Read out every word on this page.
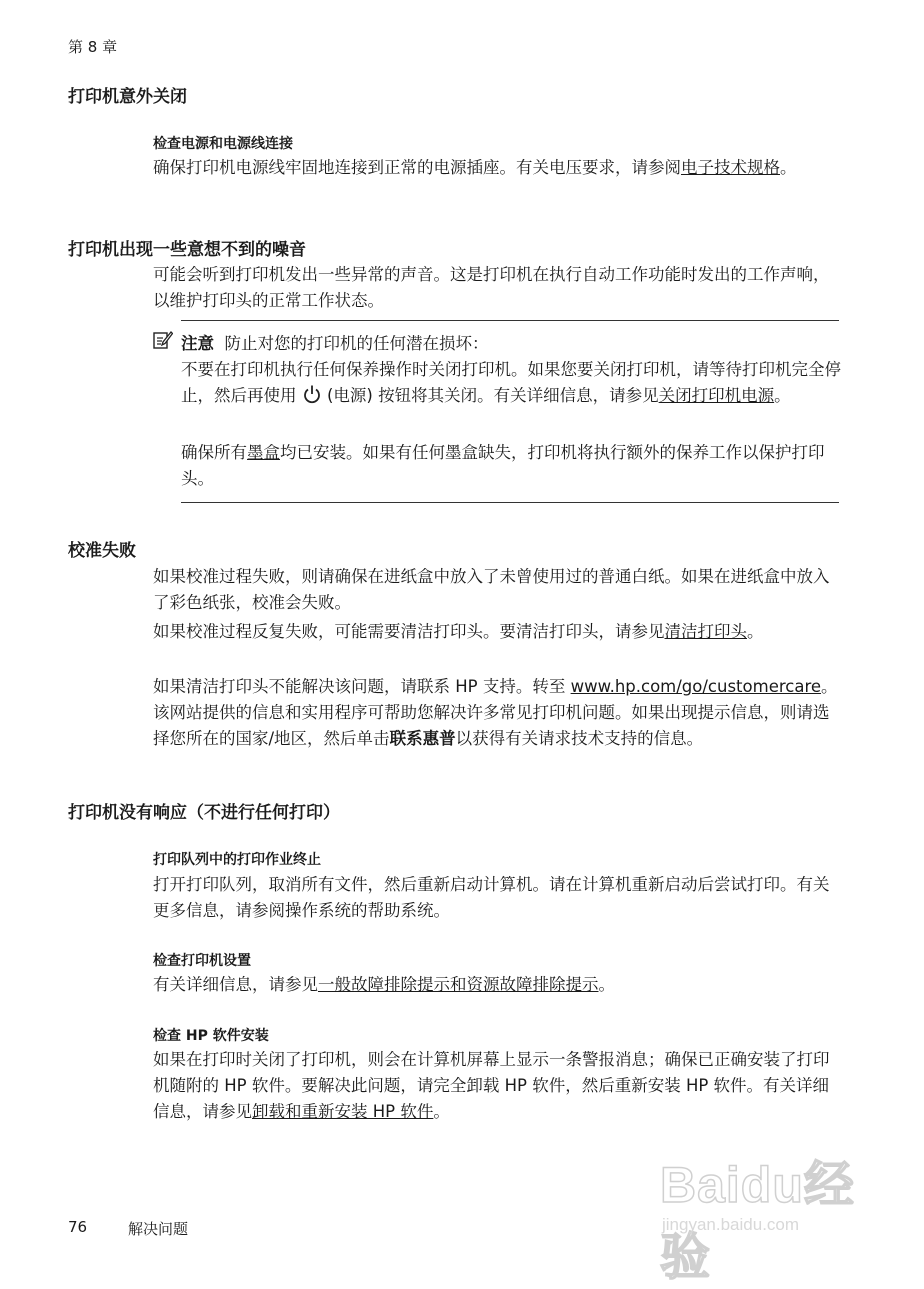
第 8 章
打印机意外关闭
检查电源和电源线连接

确保打印机电源线牢固地连接到正常的电源插座。有关电压要求，请参阅电子技术规格。

打印机出现一些意想不到的噪音

可能会听到打印机发出一些异常的声音。这是打印机在执行自动工作功能时发出的工作声响，以维护打印头的正常工作状态。

注意 防止对您的打印机的任何潜在损坏：

不要在打印机执行任何保养操作时关闭打印机。如果您要关闭打印机，请等待打印机完全停止，然后再使用 (电源) 按钮将其关闭。有关详细信息，请参见关闭打印机电源。

确保所有墨盒均已安装。如果有任何墨盒缺失，打印机将执行额外的保养工作以保护打印头。

校准失败

如果校准过程失败，则请确保在进纸盒中放入了未曾使用过的普通白纸。如果在进纸盒中放入了彩色纸张，校准会失败。

如果校准过程反复失败，可能需要清洁打印头。要清洁打印头，请参见清洁打印头。

如果清洁打印头不能解决该问题，请联系 HP 支持。转至 www.hp.com/go/customercare。该网站提供的信息和实用程序可帮助您解决许多常见打印机问题。如果出现提示信息，则请选择您所在的国家/地区，然后单击联系惠普以获得有关请求技术支持的信息。

打印机没有响应（不进行任何打印）
打印队列中的打印作业终止

打开打印队列，取消所有文件，然后重新启动计算机。请在计算机重新启动后尝试打印。有关更多信息，请参阅操作系统的帮助系统。

检查打印机设置

有关详细信息，请参见一般故障排除提示和资源故障排除提示。

检查 HP 软件安装

如果在打印时关闭了打印机，则会在计算机屏幕上显示一条警报消息；确保已正确安装了打印机随附的 HP 软件。要解决此问题，请完全卸载 HP 软件，然后重新安装 HP 软件。有关详细信息，请参见卸载和重新安装 HP 软件。

Baidu经验
jingyan.baidu.com
76	解决问题
